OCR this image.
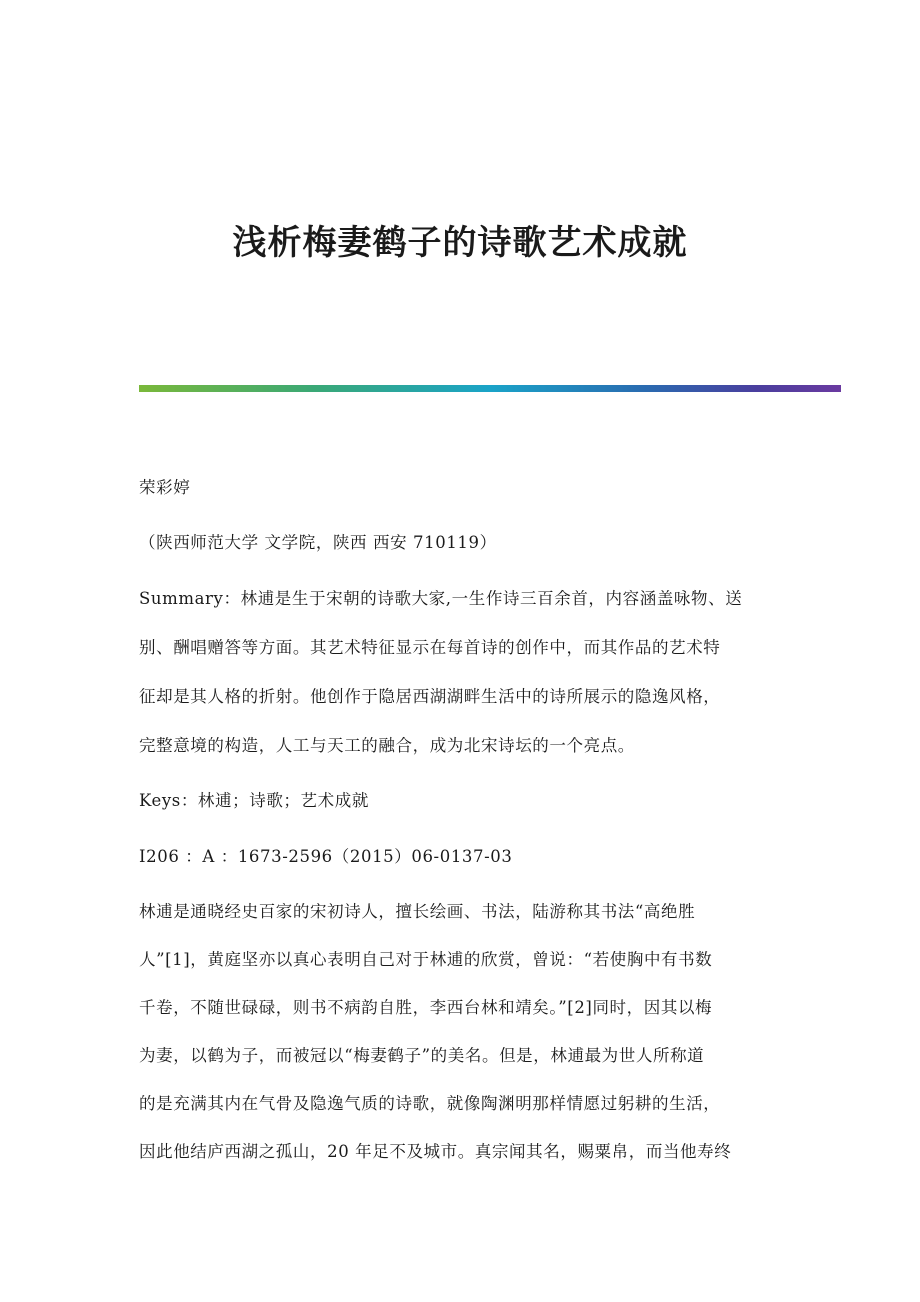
浅析梅妻鹤子的诗歌艺术成就

荣彩婷

（陕西师范大学 文学院，陕西 西安 710119）

Summary：林逋是生于宋朝的诗歌大家,一生作诗三百余首，内容涵盖咏物、送

别、酬唱赠答等方面。其艺术特征显示在每首诗的创作中，而其作品的艺术特

征却是其人格的折射。他创作于隐居西湖湖畔生活中的诗所展示的隐逸风格，

完整意境的构造，人工与天工的融合，成为北宋诗坛的一个亮点。

Keys：林逋；诗歌；艺术成就

I206 ：A ：1673-2596（2015）06-0137-03

林逋是通晓经史百家的宋初诗人，擅长绘画、书法，陆游称其书法“高绝胜

人”[1]，黄庭坚亦以真心表明自己对于林逋的欣赏，曾说：“若使胸中有书数

千卷，不随世碌碌，则书不病韵自胜，李西台林和靖矣。”[2]同时，因其以梅

为妻，以鹤为子，而被冠以“梅妻鹤子”的美名。但是，林逋最为世人所称道

的是充满其内在气骨及隐逸气质的诗歌，就像陶渊明那样情愿过躬耕的生活，

因此他结庐西湖之孤山，20 年足不及城市。真宗闻其名，赐粟帛，而当他寿终
